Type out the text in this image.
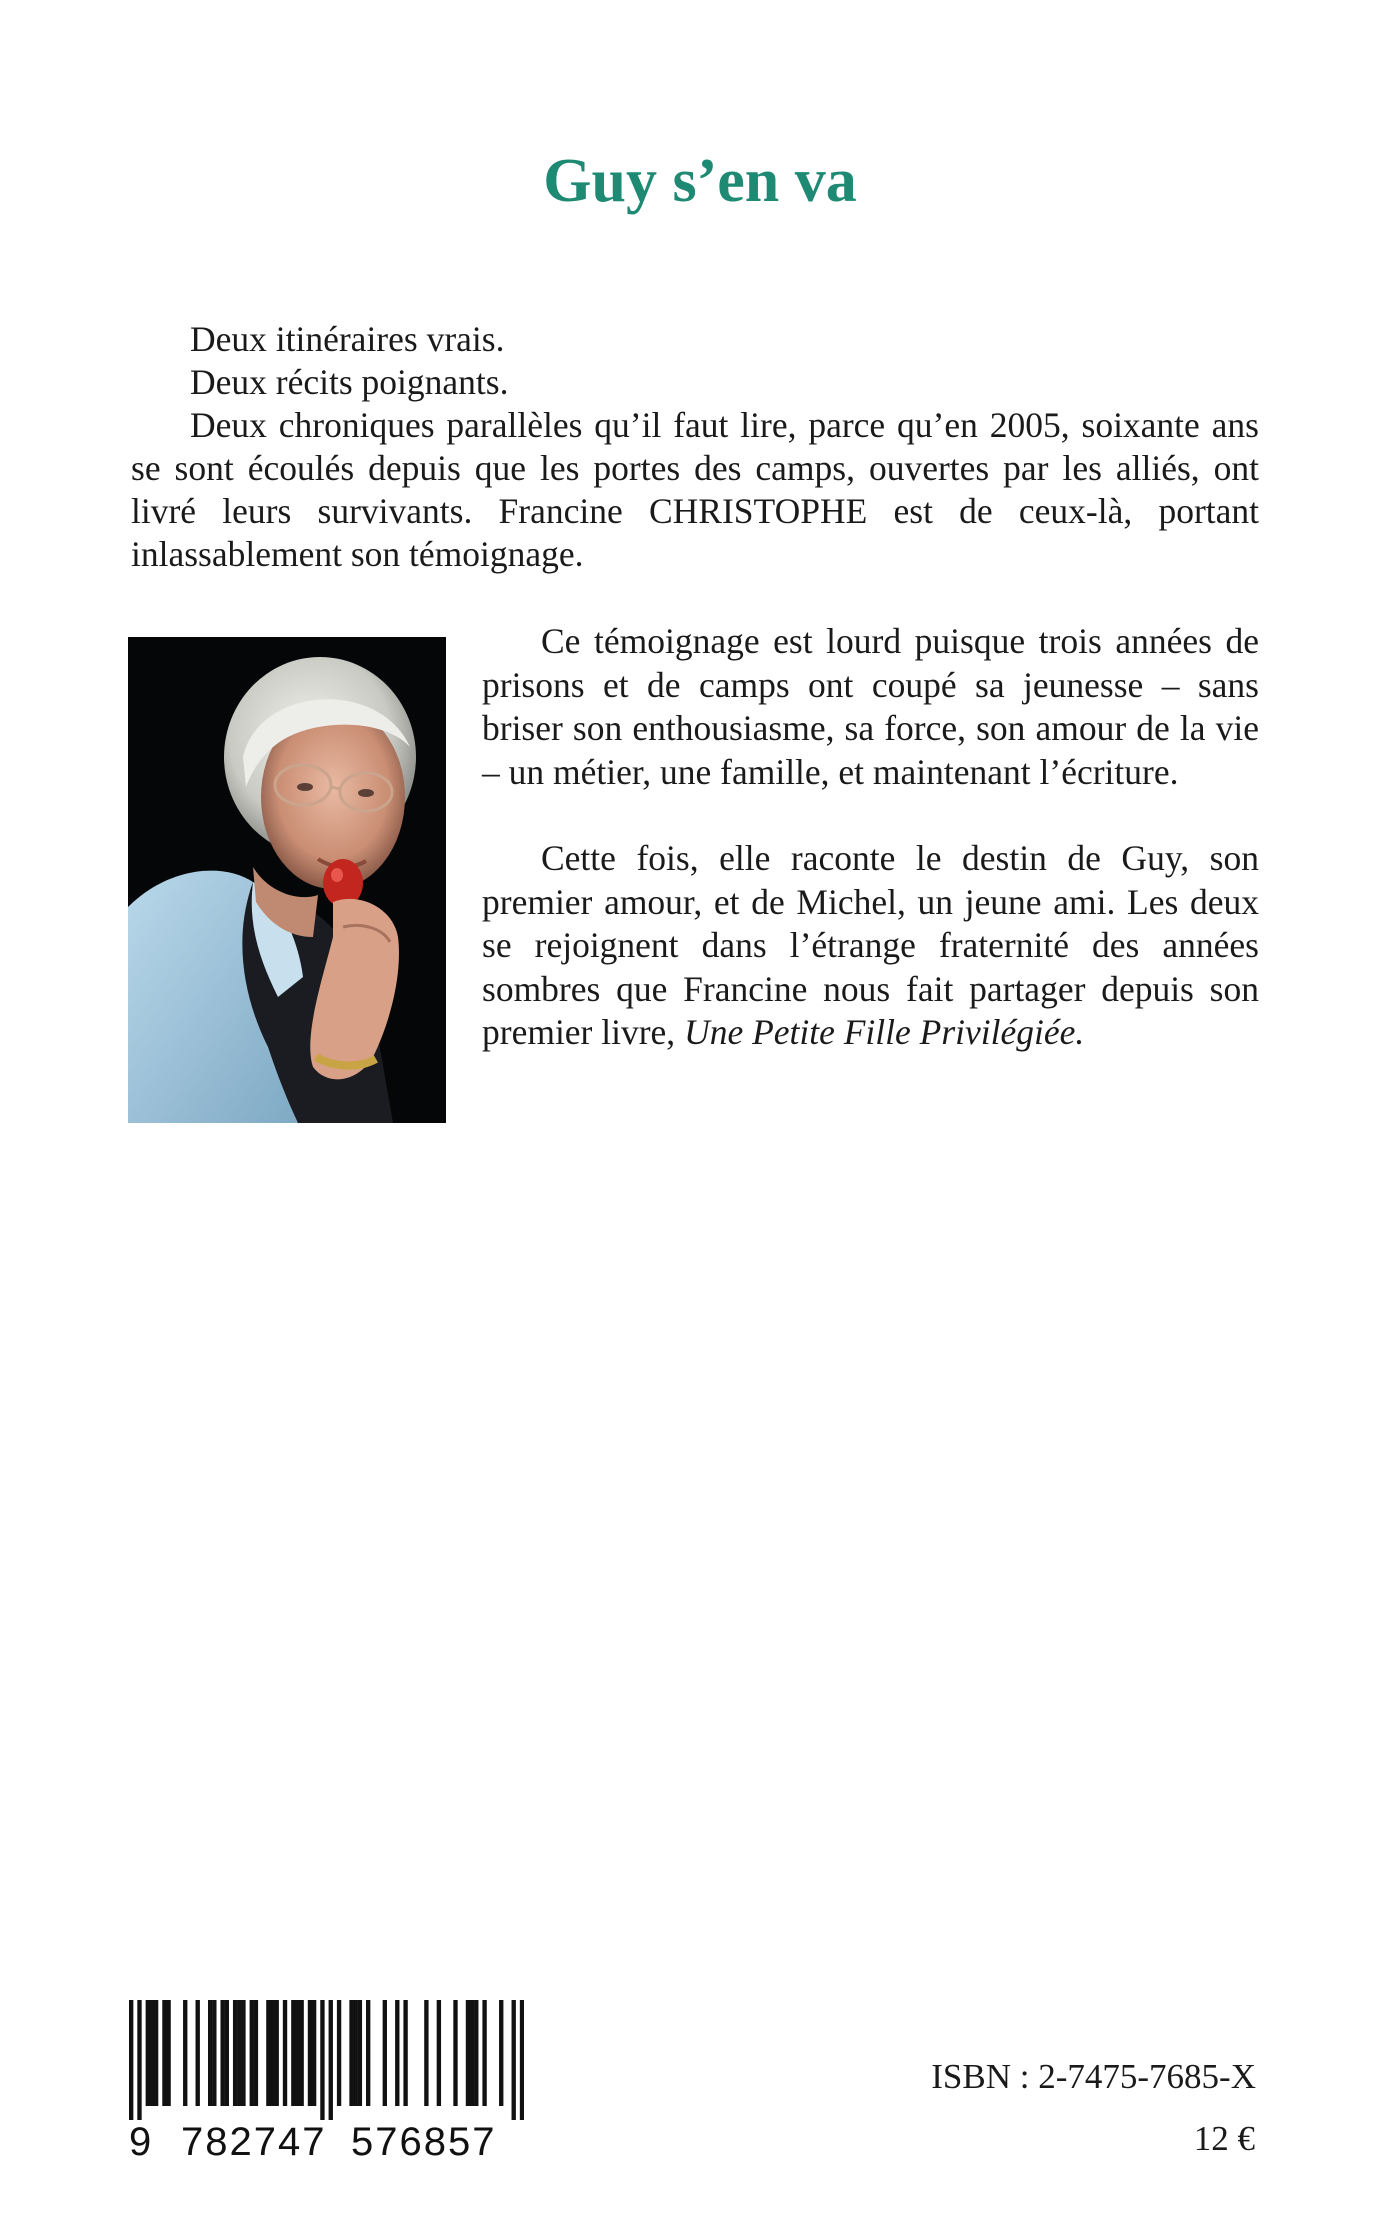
Guy s’en va

Deux itinéraires vrais.

Deux récits poignants.

Deux chroniques parallèles qu’il faut lire, parce qu’en 2005, soixante ans se sont écoulés depuis que les portes des camps, ouvertes par les alliés, ont livré leurs survivants. Francine CHRISTOPHE est de ceux-là, portant inlassablement son témoignage.

Ce témoignage est lourd puisque trois années de prisons et de camps ont coupé sa jeunesse – sans briser son enthousiasme, sa force, son amour de la vie – un métier, une famille, et maintenant l’écriture.

Cette fois, elle raconte le destin de Guy, son premier amour, et de Michel, un jeune ami. Les deux se rejoignent dans l’étrange fraternité des années sombres que Francine nous fait partager depuis son premier livre, Une Petite Fille Privilégiée.

9 782747 576857
ISBN : 2-7475-7685-X
12 €
